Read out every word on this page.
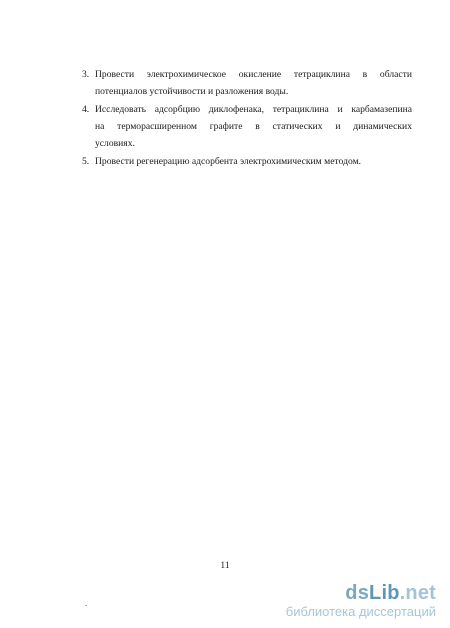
3. Провести электрохимическое окисление тетрациклина в области
потенциалов устойчивости и разложения воды.
4. Исследовать адсорбцию диклофенака, тетрациклина и карбамазепина
на терморасширенном графите в статических и динамических
условиях.
5. Провести регенерацию адсорбента электрохимическим методом.
11
.	dsLib.net
библиотека диссертаций
